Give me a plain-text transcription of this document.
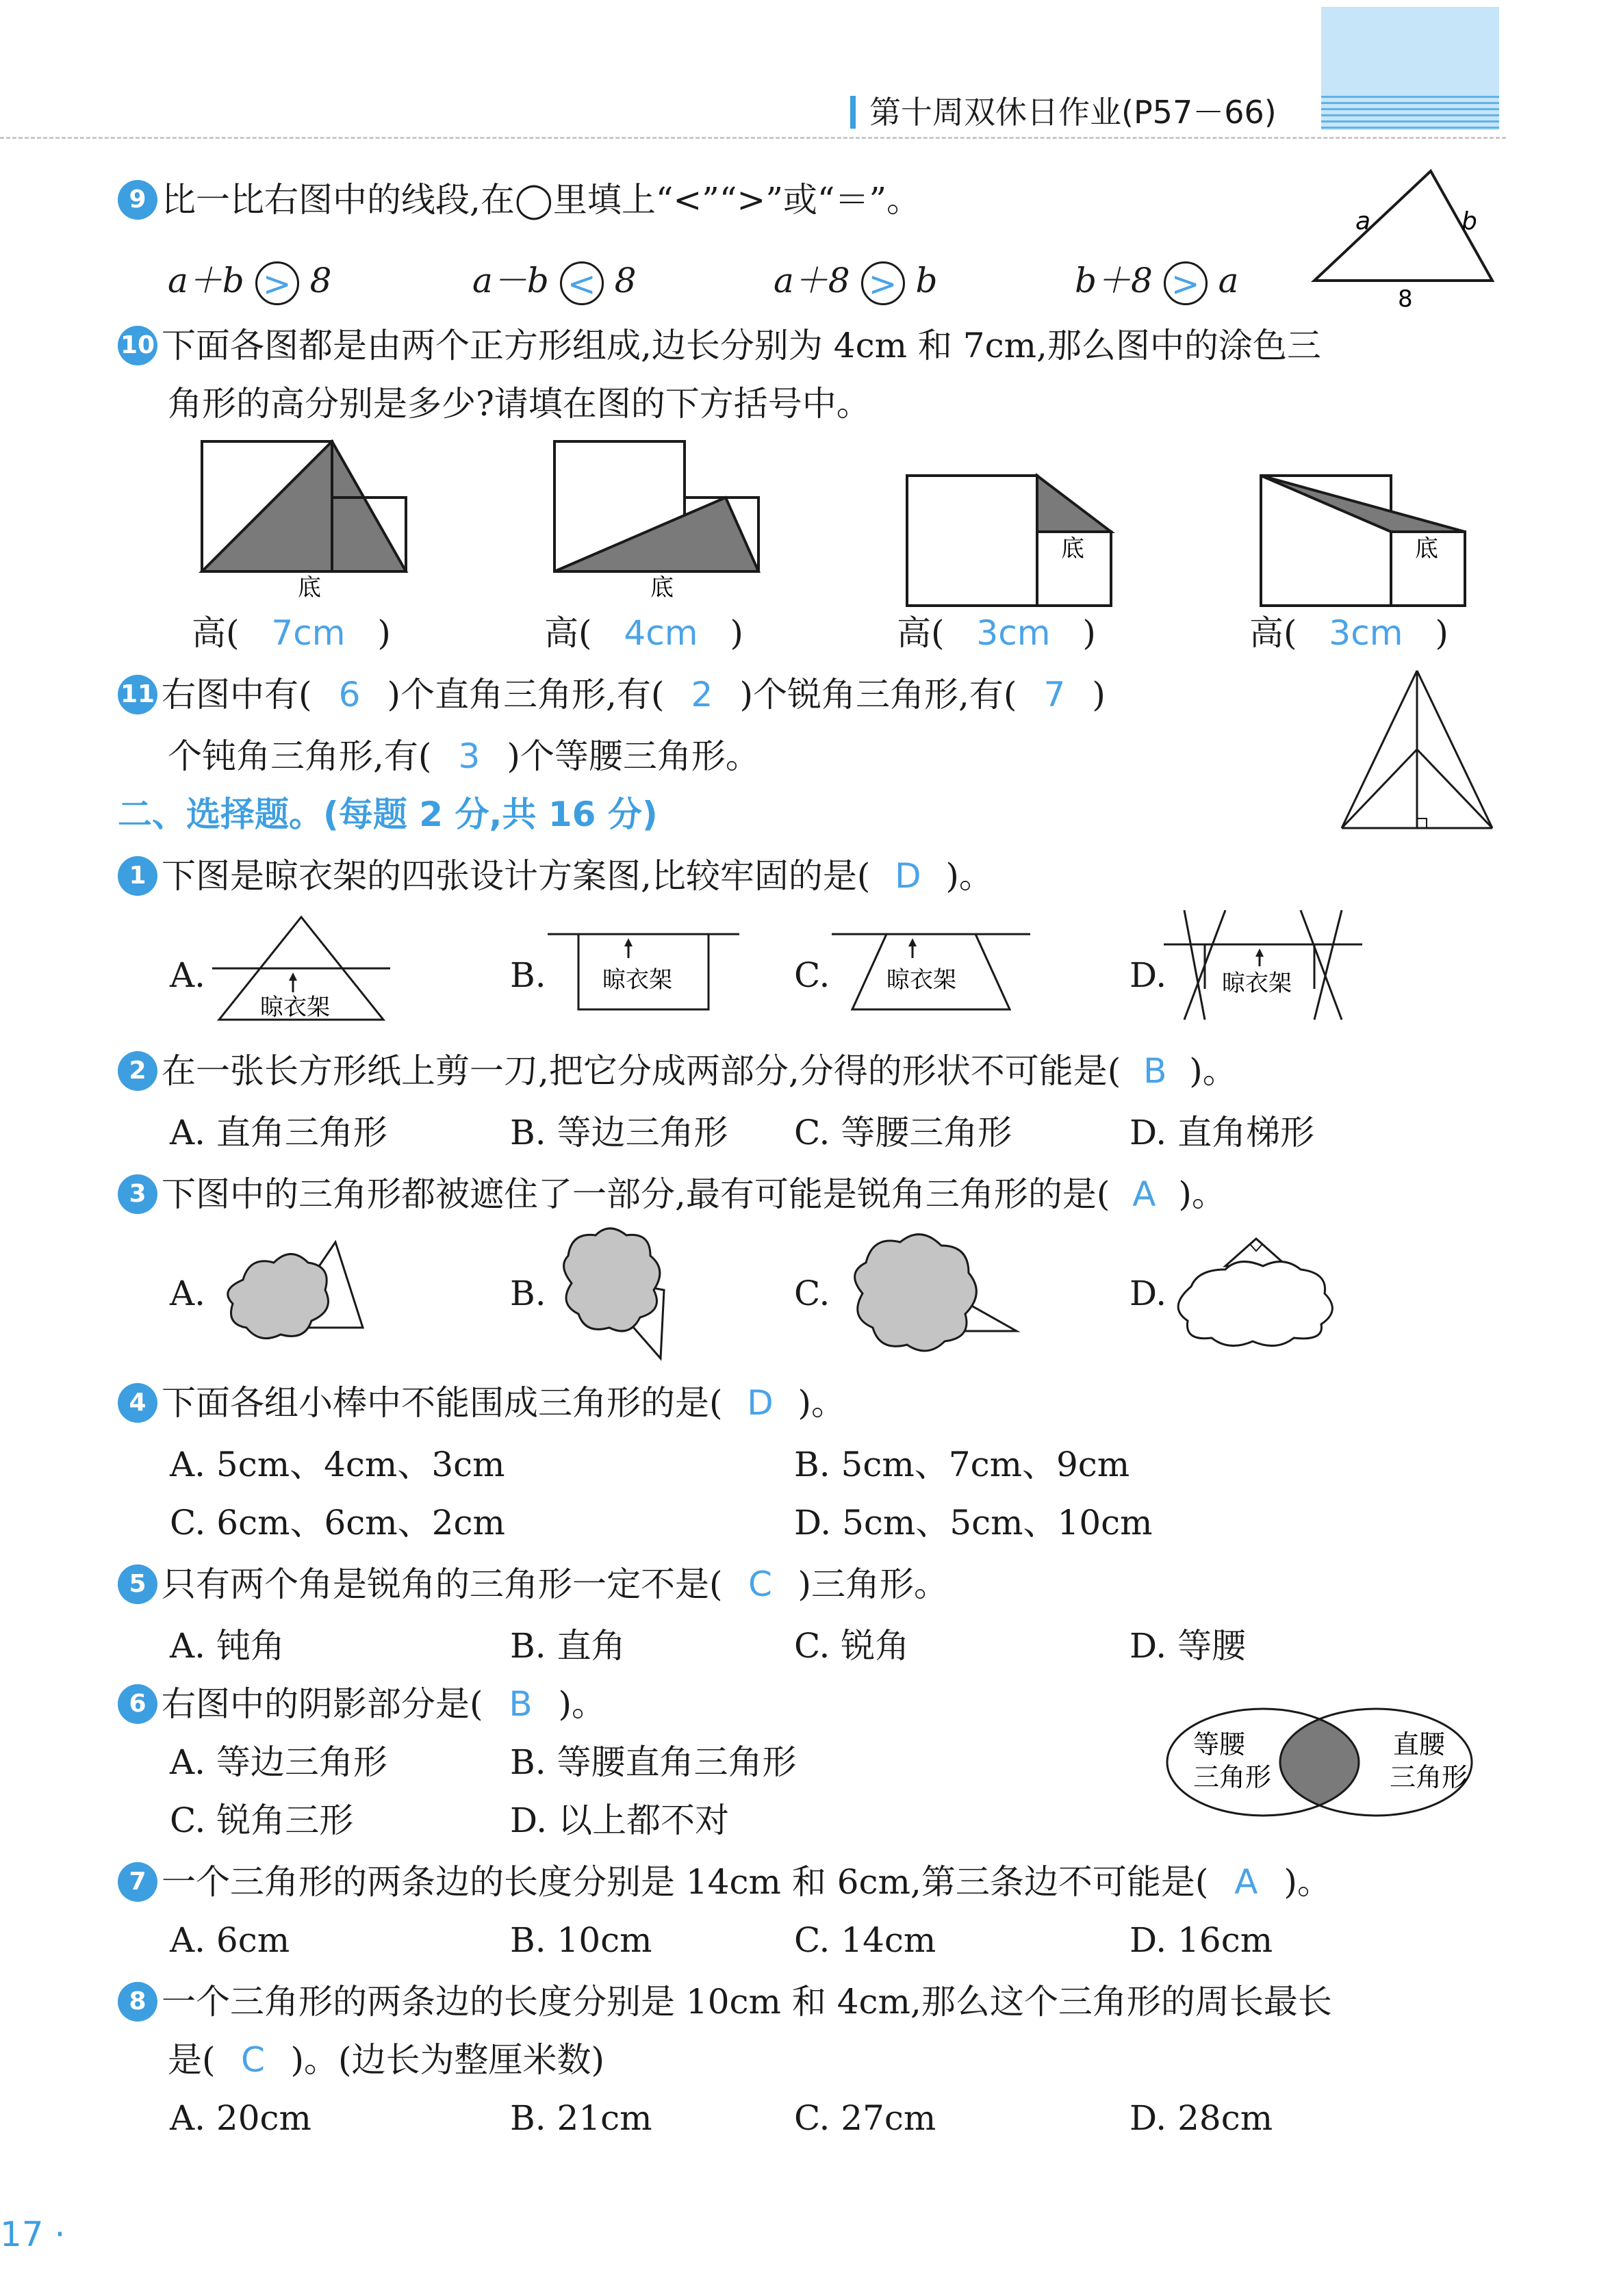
第十周双休日作业(P57－66)
9 比一比右图中的线段,在◯里填上“<”“>”或“＝”。
a＋b > 8	a－b < 8	a＋8 > b	b＋8 > a
a	b
8
10 下面各图都是由两个正方形组成,边长分别为 4cm 和 7cm,那么图中的涂色三
角形的高分别是多少?请填在图的下方括号中。
底	底
底	底
高( 7cm )	高( 4cm )	高( 3cm )	高( 3cm )
11 右图中有( 6 )个直角三角形,有( 2 )个锐角三角形,有( 7 )
个钝角三角形,有( 3 )个等腰三角形。
二、选择题。(每题 2 分,共 16 分)
1 下图是晾衣架的四张设计方案图,比较牢固的是( D )。
A.	B.	C.	D.
晾衣架
晾衣架	晾衣架	晾衣架
2 在一张长方形纸上剪一刀,把它分成两部分,分得的形状不可能是( B )。
A. 直角三角形	B. 等边三角形 C. 等腰三角形	D. 直角梯形
3 下图中的三角形都被遮住了一部分,最有可能是锐角三角形的是( A )。
A.	B.	C.	D.
4 下面各组小棒中不能围成三角形的是( D )。
A. 5cm、4cm、3cm	B. 5cm、7cm、9cm
C. 6cm、6cm、2cm	D. 5cm、5cm、10cm
5 只有两个角是锐角的三角形一定不是( C )三角形。
A. 钝角	B. 直角	C. 锐角	D. 等腰
6 右图中的阴影部分是( B )。
A. 等边三角形	B. 等腰直角三角形
C. 锐角三形	D. 以上都不对
等腰
三角形
直腰
三角形
7 一个三角形的两条边的长度分别是 14cm 和 6cm,第三条边不可能是( A )。
A. 6cm	B. 10cm	C. 14cm	D. 16cm
8 一个三角形的两条边的长度分别是 10cm 和 4cm,那么这个三角形的周长最长
是( C )。(边长为整厘米数)
A. 20cm	B. 21cm	C. 27cm	D. 28cm
17 ·
